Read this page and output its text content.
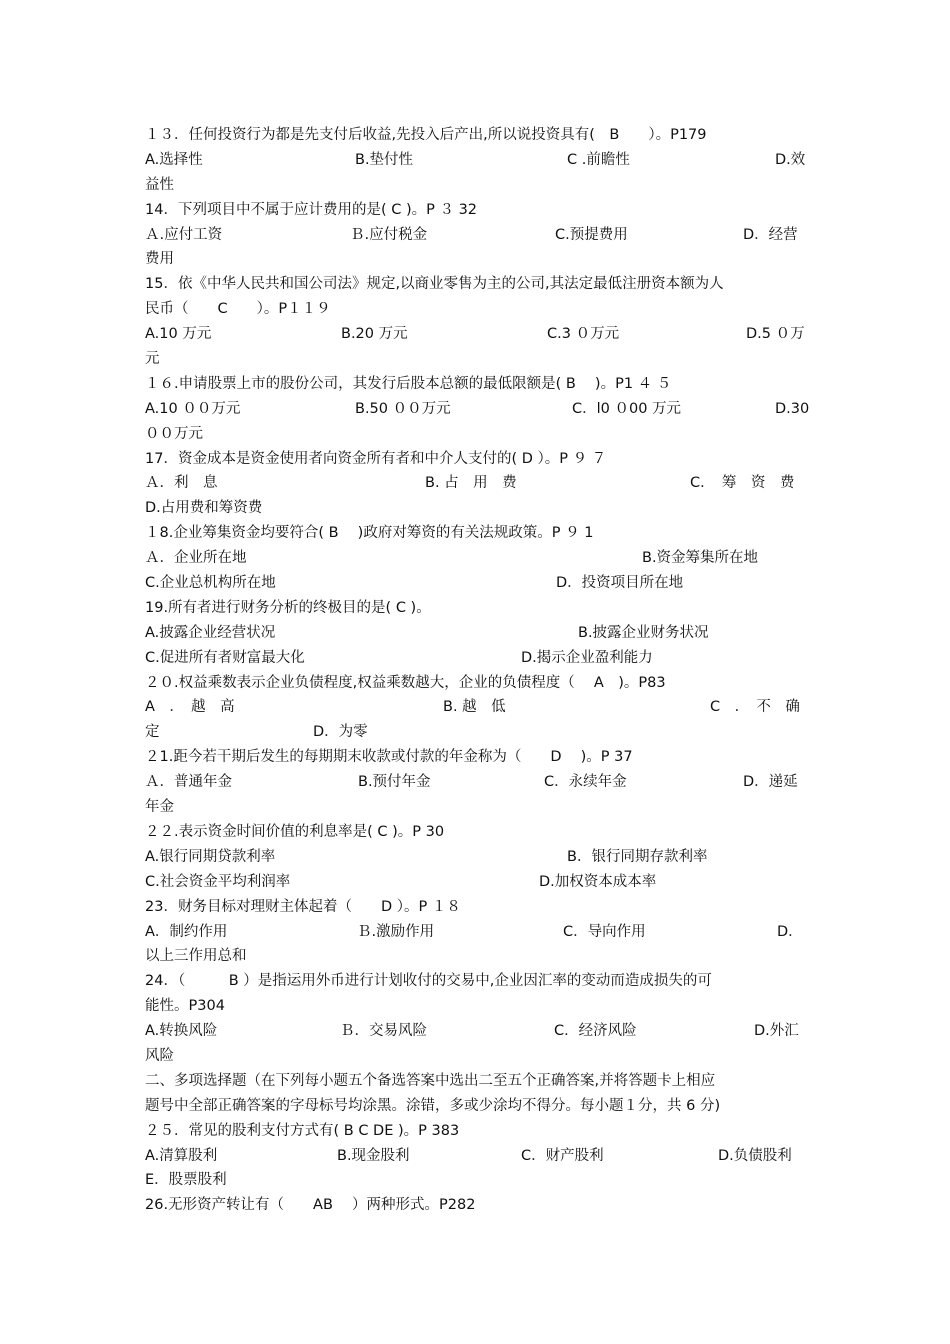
１３．任何投资行为都是先支付后收益,先投入后产出,所以说投资具有(　B　　）。P179
A.选择性	B.垫付性	C .前瞻性	D.效
益性
14．下列项目中不属于应计费用的是( C )。P ３ 32
Ａ.应付工资	Ｂ.应付税金	C.预提费用	D．经营
费用
15．依《中华人民共和国公司法》规定,以商业零售为主的公司,其法定最低注册资本额为人
民币（　　C　　）。P１１９
A.10 万元	B.20 万元	C.3 ０万元	D.5 ０万
元
１６.申请股票上市的股份公司，其发行后股本总额的最低限额是( B　 )。P1 ４ ５
A.10 ００万元	B.50 ００万元	C．l0 ０00 万元	D.30
００万元
17．资金成本是资金使用者向资金所有者和中介人支付的( D ）。P ９ ７
Ａ．利　息	B. 占　用　费	C．　筹　资　费
D.占用费和筹资费
１8.企业筹集资金均要符合( B　 )政府对筹资的有关法规政策。P ９ 1
Ａ．企业所在地	B.资金筹集所在地
C.企业总机构所在地	D．投资项目所在地
19.所有者进行财务分析的终极目的是( C )。
A.披露企业经营状况	B.披露企业财务状况
C.促进所有者财富最大化	D.揭示企业盈利能力
２０.权益乘数表示企业负债程度,权益乘数越大，企业的负债程度（　 A　)。P83
A　．　越　高	B. 越　低	C　．　不　确
定	D．为零
２1.距今若干期后发生的每期期末收款或付款的年金称为（　　D　 )。P 37
Ａ．普通年金	B.预付年金	C．永续年金	D．递延
年金
２２.表示资金时间价值的利息率是( C )。P 30
A.银行同期贷款利率	B．银行同期存款利率
C.社会资金平均利润率	D.加权资本成本率
23．财务目标对理财主体起着（　　D ）。P １８
A．制约作用	Ｂ.激励作用	C．导向作用	D．
以上三作用总和
24．（　　　B ）是指运用外币进行计划收付的交易中,企业因汇率的变动而造成损失的可
能性。P304
A.转换风险	Ｂ．交易风险	C．经济风险	D.外汇
风险
二、多项选择题（在下列每小题五个备选答案中选出二至五个正确答案,并将答题卡上相应
题号中全部正确答案的字母标号均涂黑。涂错，多或少涂均不得分。每小题１分，共 6 分)
２５．常见的股利支付方式有( B C DE )。P 383
A.清算股利	B.现金股利	C．财产股利	D.负债股利
E．股票股利
26.无形资产转让有（　　AB　 ）两种形式。P282
